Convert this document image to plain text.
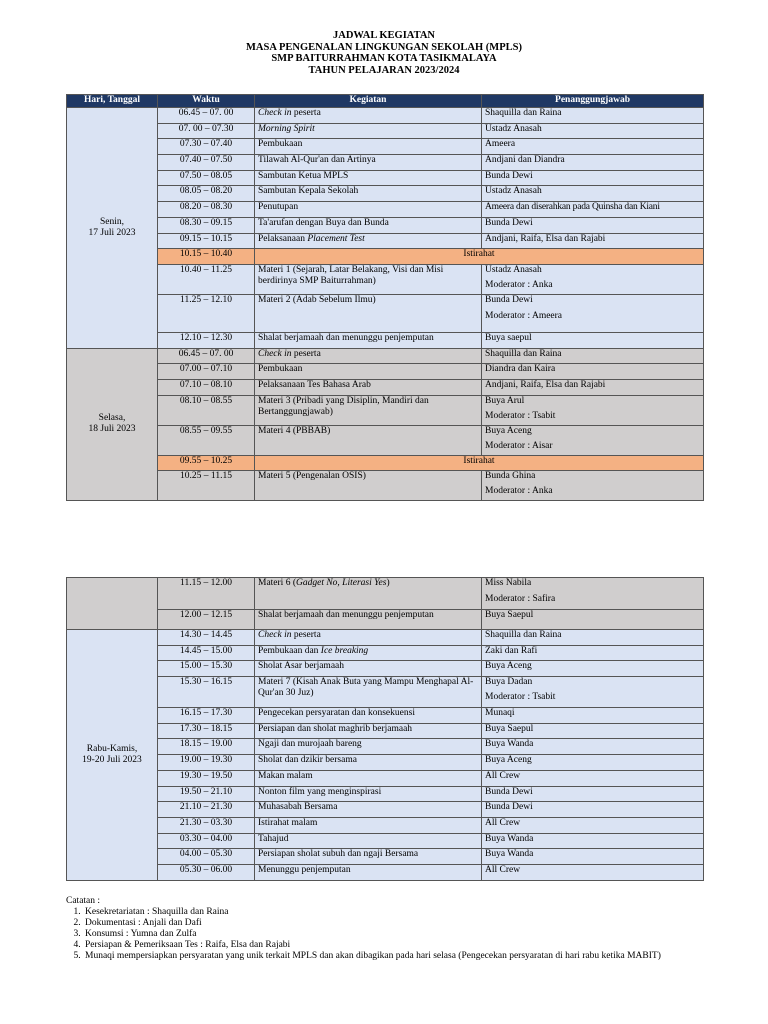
JADWAL KEGIATAN
MASA PENGENALAN LINGKUNGAN SEKOLAH (MPLS)
SMP BAITURRAHMAN KOTA TASIKMALAYA
TAHUN PELAJARAN 2023/2024
Hari, Tanggal	Waktu	Kegiatan	Penanggungjawab
Senin,
17 Juli 2023	06.45 – 07. 00	Check in peserta	Shaquilla dan Raina
	07. 00 – 07.30	Morning Spirit	Ustadz Anasah
	07.30 – 07.40	Pembukaan	Ameera
	07.40 – 07.50	Tilawah Al-Qur'an dan Artinya	Andjani dan Diandra
	07.50 – 08.05	Sambutan Ketua MPLS	Bunda Dewi
	08.05 – 08.20	Sambutan Kepala Sekolah	Ustadz Anasah
	08.20 – 08.30	Penutupan	Ameera dan diserahkan pada Quinsha dan Kiani
	08.30 – 09.15	Ta'arufan dengan Buya dan Bunda	Bunda Dewi
	09.15 – 10.15	Pelaksanaan Placement Test	Andjani, Raifa, Elsa dan Rajabi
	10.15 – 10.40	Istirahat	
	10.40 – 11.25	Materi 1 (Sejarah, Latar Belakang, Visi dan Misi berdirinya SMP Baiturrahman)	Ustadz Anasah
Moderator : Anka

	11.25 – 12.10	Materi 2 (Adab Sebelum Ilmu)	Bunda Dewi
Moderator : Ameera

	12.10 – 12.30	Shalat berjamaah dan menunggu penjemputan	Buya saepul
Selasa,
18 Juli 2023	06.45 – 07. 00	Check in peserta	Shaquilla dan Raina
	07.00 – 07.10	Pembukaan	Diandra dan Kaira
	07.10 – 08.10	Pelaksanaan Tes Bahasa Arab	Andjani, Raifa, Elsa dan Rajabi
	08.10 – 08.55	Materi 3 (Pribadi yang Disiplin, Mandiri dan Bertanggungjawab)	Buya Arul
Moderator : Tsabit

	08.55 – 09.55	Materi 4 (PBBAB)	Buya Aceng
Moderator : Aisar

	09.55 – 10.25	Istirahat	
	10.25 – 11.15	Materi 5 (Pengenalan OSIS)	Bunda Ghina
Moderator : Anka
	11.15 – 12.00	Materi 6 (Gadget No, Literasi Yes)	Miss Nabila
Moderator : Safira

	12.00 – 12.15	Shalat berjamaah dan menunggu penjemputan	Buya Saepul
Rabu-Kamis,
19-20 Juli 2023	14.30 – 14.45	Check in peserta	Shaquilla dan Raina
	14.45 – 15.00	Pembukaan dan Ice breaking	Zaki dan Rafi
	15.00 – 15.30	Sholat Asar berjamaah	Buya Aceng
	15.30 – 16.15	Materi 7 (Kisah Anak Buta yang Mampu Menghapal Al-Qur'an 30 Juz)	Buya Dadan
Moderator : Tsabit

	16.15 – 17.30	Pengecekan persyaratan dan konsekuensi	Munaqi
	17.30 – 18.15	Persiapan dan sholat maghrib berjamaah	Buya Saepul
	18.15 – 19.00	Ngaji dan murojaah bareng	Buya Wanda
	19.00 – 19.30	Sholat dan dzikir bersama	Buya Aceng
	19.30 – 19.50	Makan malam	All Crew
	19.50 – 21.10	Nonton film yang menginspirasi	Bunda Dewi
	21.10 – 21.30	Muhasabah Bersama	Bunda Dewi
	21.30 – 03.30	Istirahat malam	All Crew
	03.30 – 04.00	Tahajud	Buya Wanda
	04.00 – 05.30	Persiapan sholat subuh dan ngaji Bersama	Buya Wanda
	05.30 – 06.00	Menunggu penjemputan	All Crew
Catatan :
1. Kesekretariatan : Shaquilla dan Raina
2. Dokumentasi : Anjali dan Dafi
3. Konsumsi : Yumna dan Zulfa
4. Persiapan & Pemeriksaan Tes : Raifa, Elsa dan Rajabi
5. Munaqi mempersiapkan persyaratan yang unik terkait MPLS dan akan dibagikan pada hari selasa (Pengecekan persyaratan di hari rabu ketika MABIT)
